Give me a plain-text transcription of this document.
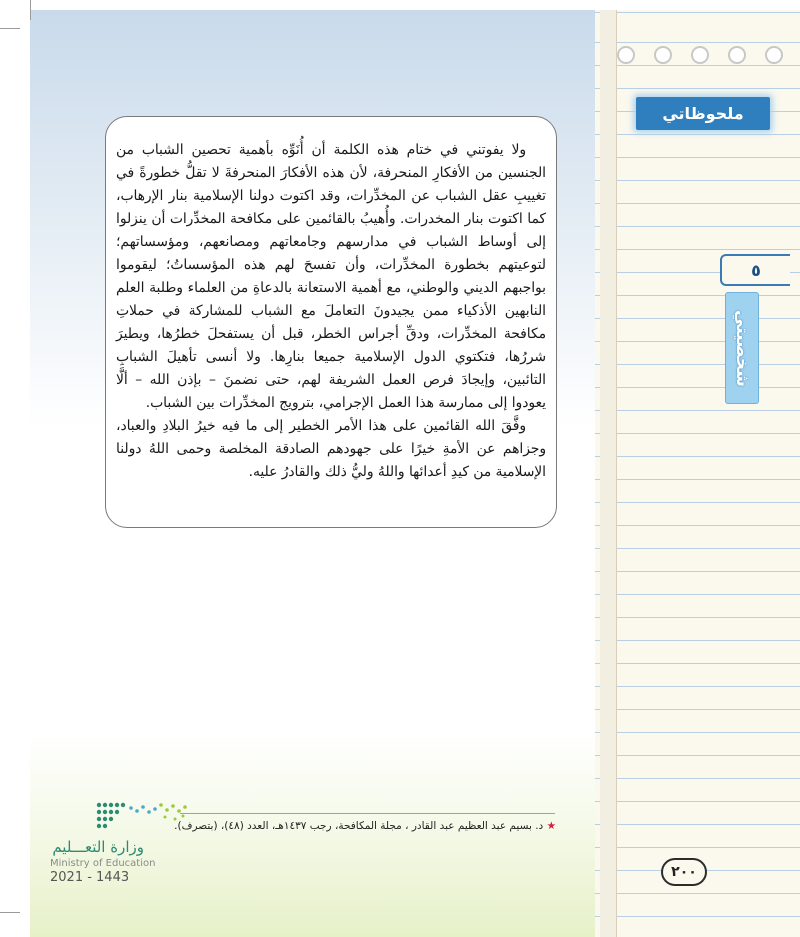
ملحوظاتي
٥
شخصيتي

ولا يفوتني في ختام هذه الكلمة أن أُنَوِّه بأهمية تحصين الشباب من الجنسين من الأفكارِ المنحرفة، لأن هذه الأفكارَ المنحرفةَ لا تقلُّ خطورةً في تغييبِ عقل الشباب عن المخدِّرات، وقد اكتوت دولنا الإسلامية بنار الإرهاب، كما اكتوت بنار المخدرات. وأُهيبُ بالقائمين على مكافحة المخدِّرات أن ينزلوا إلى أوساط الشباب في مدارسهم وجامعاتهم ومصانعهم، ومؤسساتهم؛ لتوعيتهم بخطورة المخدِّرات، وأن تفسحَ لهم هذه المؤسساتُ؛ ليقوموا بواجبهم الديني والوطني، مع أهمية الاستعانة بالدعاةِ من العلماء وطلبة العلم النابهين الأذكياء ممن يجيدونَ التعاملَ مع الشباب للمشاركة في حملاتِ مكافحة المخدِّرات، ودقِّ أجراس الخطر، قبل أن يستفحلَ خطرُها، ويطيرَ شررُها، فتكتوي الدول الإسلامية جميعا بنارِها. ولا أنسى تأهيلَ الشبابِ التائبين، وإيجادَ فرص العمل الشريفة لهم، حتى نضمنَ – بإذن الله – ألَّا يعودوا إلى ممارسة هذا العمل الإجرامي، بترويج المخدِّرات بين الشباب.

وفَّقَ الله القائمين على هذا الأمر الخطير إلى ما فيه خيرُ البلادِ والعباد، وجزاهم عن الأمةِ خيرًا على جهودهم الصادقة المخلصة وحمى اللهُ دولنا الإسلامية من كيدِ أعدائها واللهُ وليُّ ذلك والقادرُ عليه.

★ د. بسيم عبد العظيم عبد القادر ، مجلة المكافحة، رجب ١٤٣٧هـ، العدد (٤٨)، (بتصرف).
وزارة التعـــليم
Ministry of Education
2021 - 1443	٢٠٠
